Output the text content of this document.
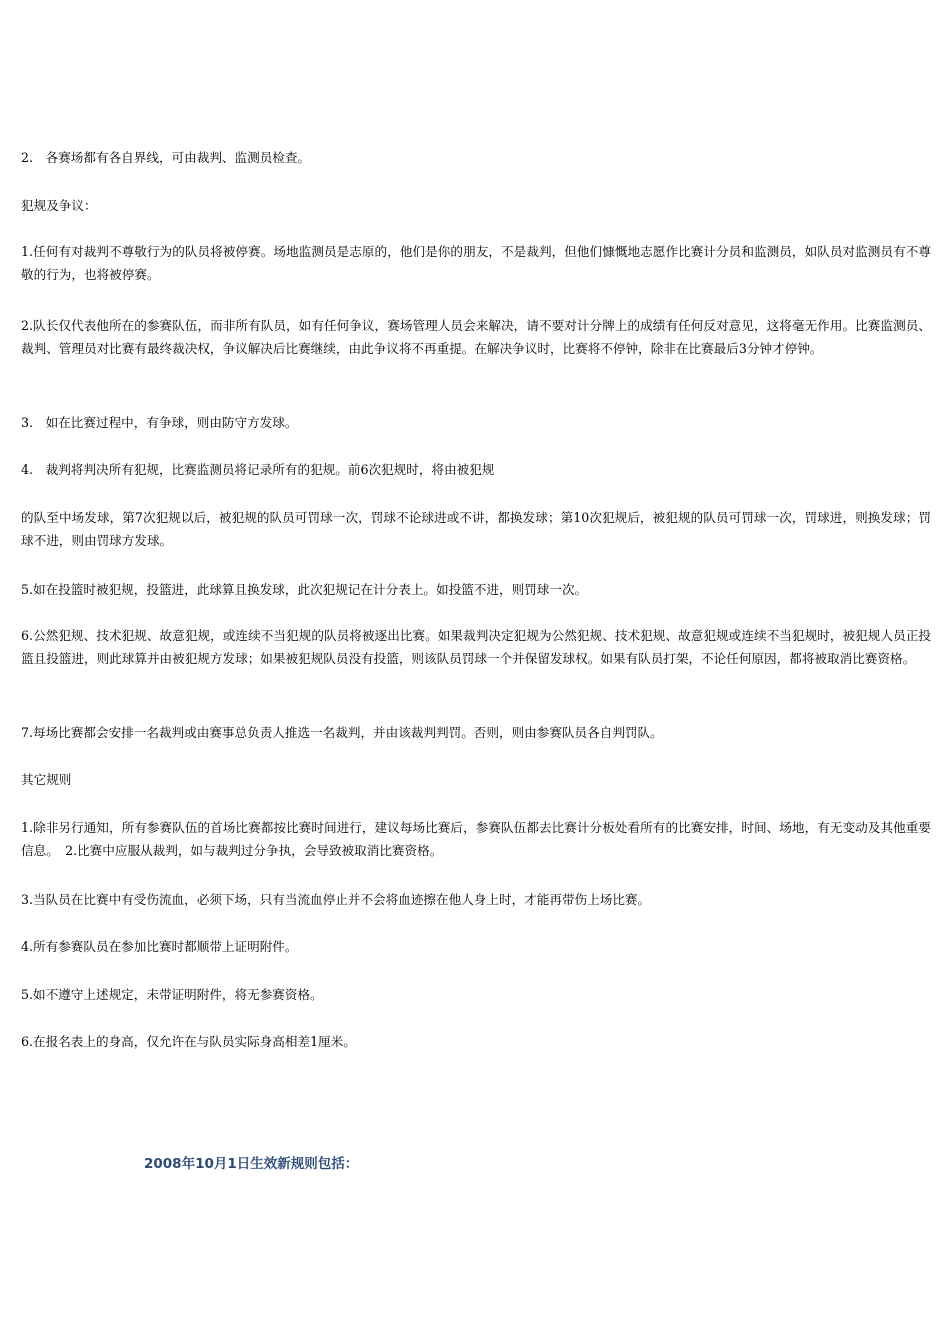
2.　各赛场都有各自界线，可由裁判、监测员检查。

犯规及争议：

1.任何有对裁判不尊敬行为的队员将被停赛。场地监测员是志原的，他们是你的朋友，不是裁判，但他们慷慨地志愿作比赛计分员和监测员，如队员对监测员有不尊敬的行为，也将被停赛。

2.队长仅代表他所在的参赛队伍，而非所有队员，如有任何争议，赛场管理人员会来解决，请不要对计分牌上的成绩有任何反对意见，这将毫无作用。比赛监测员、裁判、管理员对比赛有最终裁决权，争议解决后比赛继续，由此争议将不再重提。在解决争议时，比赛将不停钟，除非在比赛最后3分钟才停钟。

3.　如在比赛过程中，有争球，则由防守方发球。

4.　裁判将判决所有犯规，比赛监测员将记录所有的犯规。前6次犯规时，将由被犯规

的队至中场发球，第7次犯规以后，被犯规的队员可罚球一次，罚球不论球进或不讲，都换发球；第10次犯规后，被犯规的队员可罚球一次，罚球进，则换发球；罚球不进，则由罚球方发球。

5.如在投篮时被犯规，投篮进，此球算且换发球，此次犯规记在计分表上。如投篮不进，则罚球一次。

6.公然犯规、技术犯规、故意犯规，或连续不当犯规的队员将被逐出比赛。如果裁判决定犯规为公然犯规、技术犯规、故意犯规或连续不当犯规时，被犯规人员正投篮且投篮进，则此球算并由被犯规方发球；如果被犯规队员没有投篮，则该队员罚球一个并保留发球权。如果有队员打架，不论任何原因，都将被取消比赛资格。

7.每场比赛都会安排一名裁判或由赛事总负责人推选一名裁判，并由该裁判判罚。否则，则由参赛队员各自判罚队。

其它规则

1.除非另行通知，所有参赛队伍的首场比赛都按比赛时间进行，建议每场比赛后，参赛队伍都去比赛计分板处看所有的比赛安排，时间、场地，有无变动及其他重要信息。　2.比赛中应服从裁判，如与裁判过分争执，会导致被取消比赛资格。

3.当队员在比赛中有受伤流血，必须下场，只有当流血停止并不会将血迹擦在他人身上时，才能再带伤上场比赛。

4.所有参赛队员在参加比赛时都顺带上证明附件。

5.如不遵守上述规定，未带证明附件，将无参赛资格。

6.在报名表上的身高，仅允许在与队员实际身高相差1厘米。

2008年10月1日生效新规则包括：
